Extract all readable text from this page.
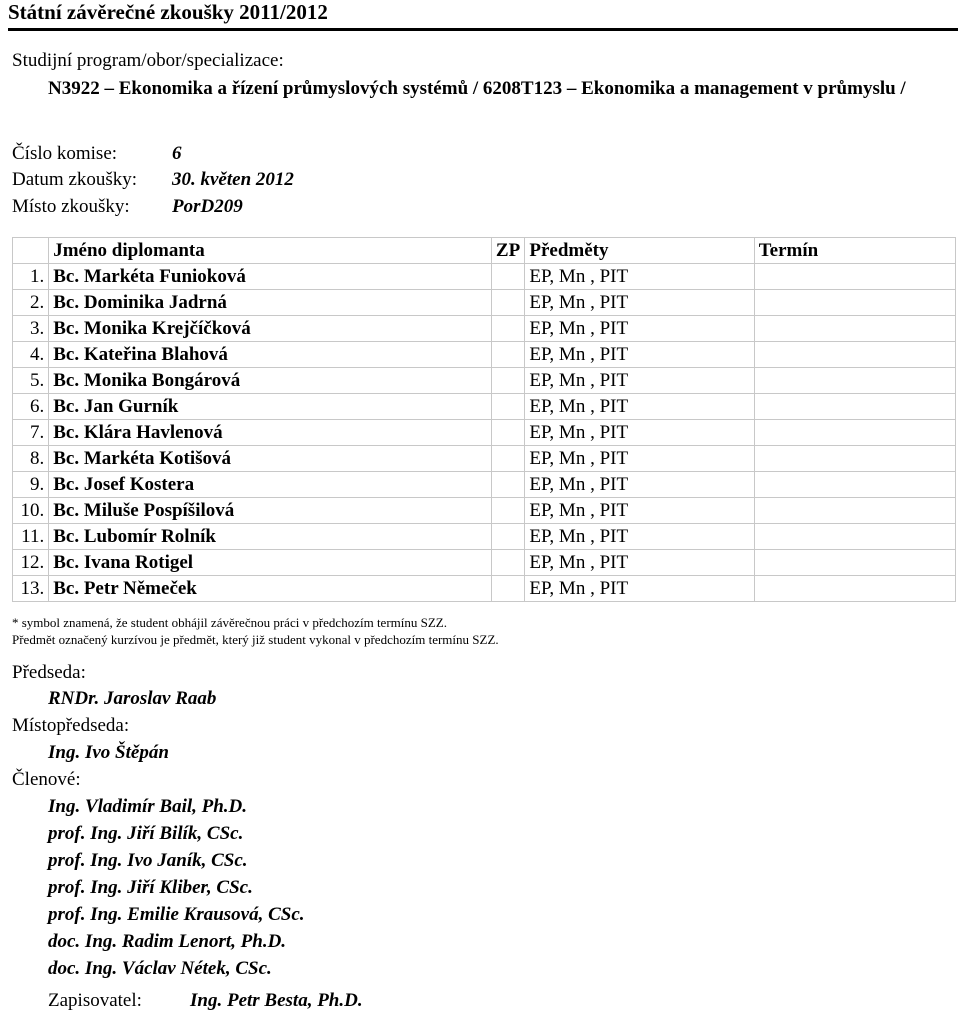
Státní závěrečné zkoušky 2011/2012
Studijní program/obor/specializace:
N3922 – Ekonomika a řízení průmyslových systémů / 6208T123 – Ekonomika a management v průmyslu /
Číslo komise:	6
Datum zkoušky: 30. květen 2012
Místo zkoušky: PorD209
	Jméno diplomanta	ZP	Předměty	Termín
1.	Bc. Markéta Funioková		EP, Mn , PIT	
2.	Bc. Dominika Jadrná		EP, Mn , PIT	
3.	Bc. Monika Krejčíčková		EP, Mn , PIT	
4.	Bc. Kateřina Blahová		EP, Mn , PIT	
5.	Bc. Monika Bongárová		EP, Mn , PIT	
6.	Bc. Jan Gurník		EP, Mn , PIT	
7.	Bc. Klára Havlenová		EP, Mn , PIT	
8.	Bc. Markéta Kotišová		EP, Mn , PIT	
9.	Bc. Josef Kostera		EP, Mn , PIT	
10.	Bc. Miluše Pospíšilová		EP, Mn , PIT	
11.	Bc. Lubomír Rolník		EP, Mn , PIT	
12.	Bc. Ivana Rotigel		EP, Mn , PIT	
13.	Bc. Petr Němeček		EP, Mn , PIT	
* symbol znamená, že student obhájil závěrečnou práci v předchozím termínu SZZ.
Předmět označený kurzívou je předmět, který již student vykonal v předchozím termínu SZZ.
Předseda:
RNDr. Jaroslav Raab
Místopředseda:
Ing. Ivo Štěpán
Členové:
Ing. Vladimír Bail, Ph.D.
prof. Ing. Jiří Bilík, CSc.
prof. Ing. Ivo Janík, CSc.
prof. Ing. Jiří Kliber, CSc.
prof. Ing. Emilie Krausová, CSc.
doc. Ing. Radim Lenort, Ph.D.
doc. Ing. Václav Nétek, CSc.
Zapisovatel:	Ing. Petr Besta, Ph.D.
